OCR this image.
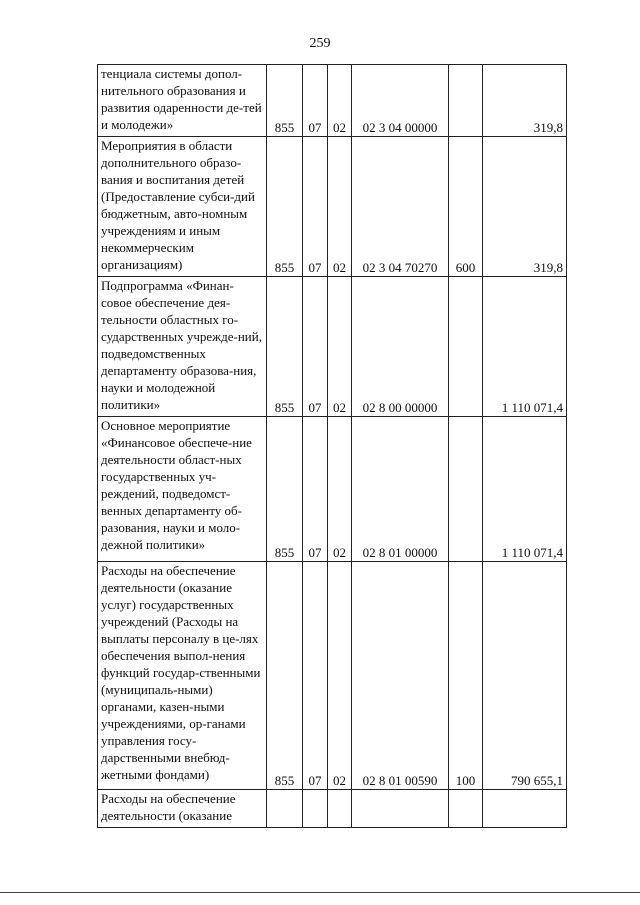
259
тенциала системы допол-нительного образования и развития одаренности де-тей и молодежи»	855	07	02	02 3 04 00000		319,8
Мероприятия в области дополнительного образо-вания и воспитания детей (Предоставление субси-дий бюджетным, авто-номным учреждениям и иным некоммерческим организациям)	855	07	02	02 3 04 70270	600	319,8
Подпрограмма «Финан-совое обеспечение дея-тельности областных го-сударственных учрежде-ний, подведомственных департаменту образова-ния, науки и молодежной политики»	855	07	02	02 8 00 00000		1 110 071,4
Основное мероприятие «Финансовое обеспече-ние деятельности област-ных государственных уч-реждений, подведомст-венных департаменту об-разования, науки и моло-дежной политики»	855	07	02	02 8 01 00000		1 110 071,4
Расходы на обеспечение деятельности (оказание услуг) государственных учреждений (Расходы на выплаты персоналу в це-лях обеспечения выпол-нения функций государ-ственными (муниципаль-ными) органами, казен-ными учреждениями, ор-ганами управления госу-дарственными внебюд-жетными фондами)	855	07	02	02 8 01 00590	100	790 655,1
Расходы на обеспечение деятельности (оказание						
